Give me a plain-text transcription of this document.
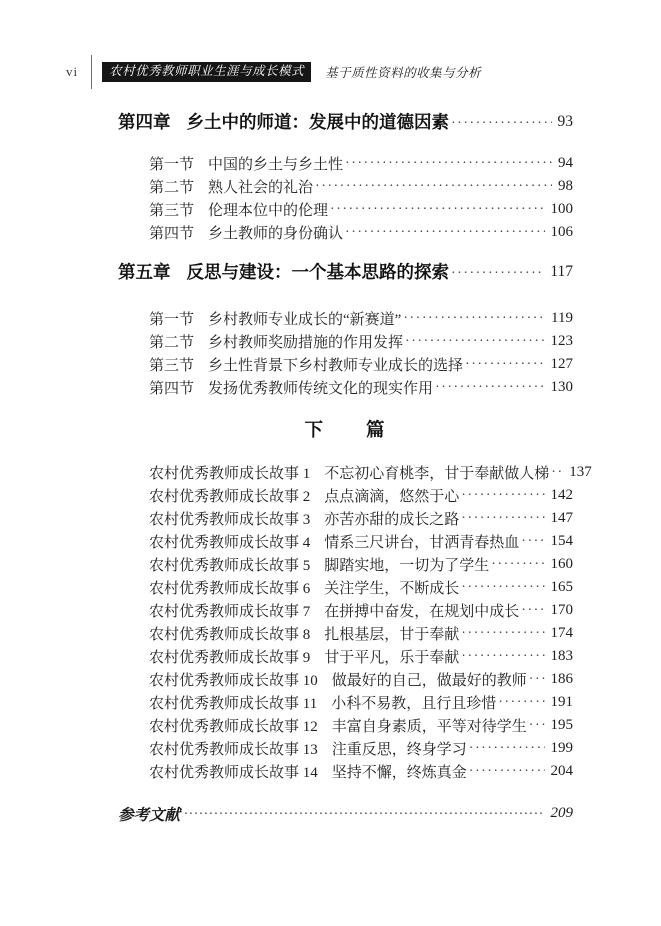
vi	农村优秀教师职业生涯与成长模式	基于质性资料的收集与分析
第四章 乡土中的师道：发展中的道德因素 ·····	93
第一节 中国的乡土与乡土性 ·····	94
第二节 熟人社会的礼治 ·····	98
第三节 伦理本位中的伦理 ·····	100
第四节 乡土教师的身份确认 ·····	106
第五章 反思与建设：一个基本思路的探索 ·····	117
第一节 乡村教师专业成长的“新赛道” ·····	119
第二节 乡村教师奖励措施的作用发挥 ·····	123
第三节 乡土性背景下乡村教师专业成长的选择 ·····	127
第四节 发扬优秀教师传统文化的现实作用 ·····	130
下　　篇
农村优秀教师成长故事 1 不忘初心育桃李，甘于奉献做人梯 ····· 137
农村优秀教师成长故事 2 点点滴滴，悠然于心 ·····	142
农村优秀教师成长故事 3 亦苦亦甜的成长之路 ·····	147
农村优秀教师成长故事 4 情系三尺讲台，甘洒青春热血 ····· 154
农村优秀教师成长故事 5 脚踏实地，一切为了学生 ·····	160
农村优秀教师成长故事 6 关注学生，不断成长 ·····	165
农村优秀教师成长故事 7 在拼搏中奋发，在规划中成长 ····· 170
农村优秀教师成长故事 8 扎根基层，甘于奉献 ·····	174
农村优秀教师成长故事 9 甘于平凡，乐于奉献 ·····	183
农村优秀教师成长故事 10 做最好的自己，做最好的教师 ····· 186
农村优秀教师成长故事 11 小科不易教，且行且珍惜 ·····	191
农村优秀教师成长故事 12 丰富自身素质，平等对待学生 ····· 195
农村优秀教师成长故事 13 注重反思，终身学习 ·····	199
农村优秀教师成长故事 14 坚持不懈，终炼真金 ·····	204
参考文献 ·····	209
